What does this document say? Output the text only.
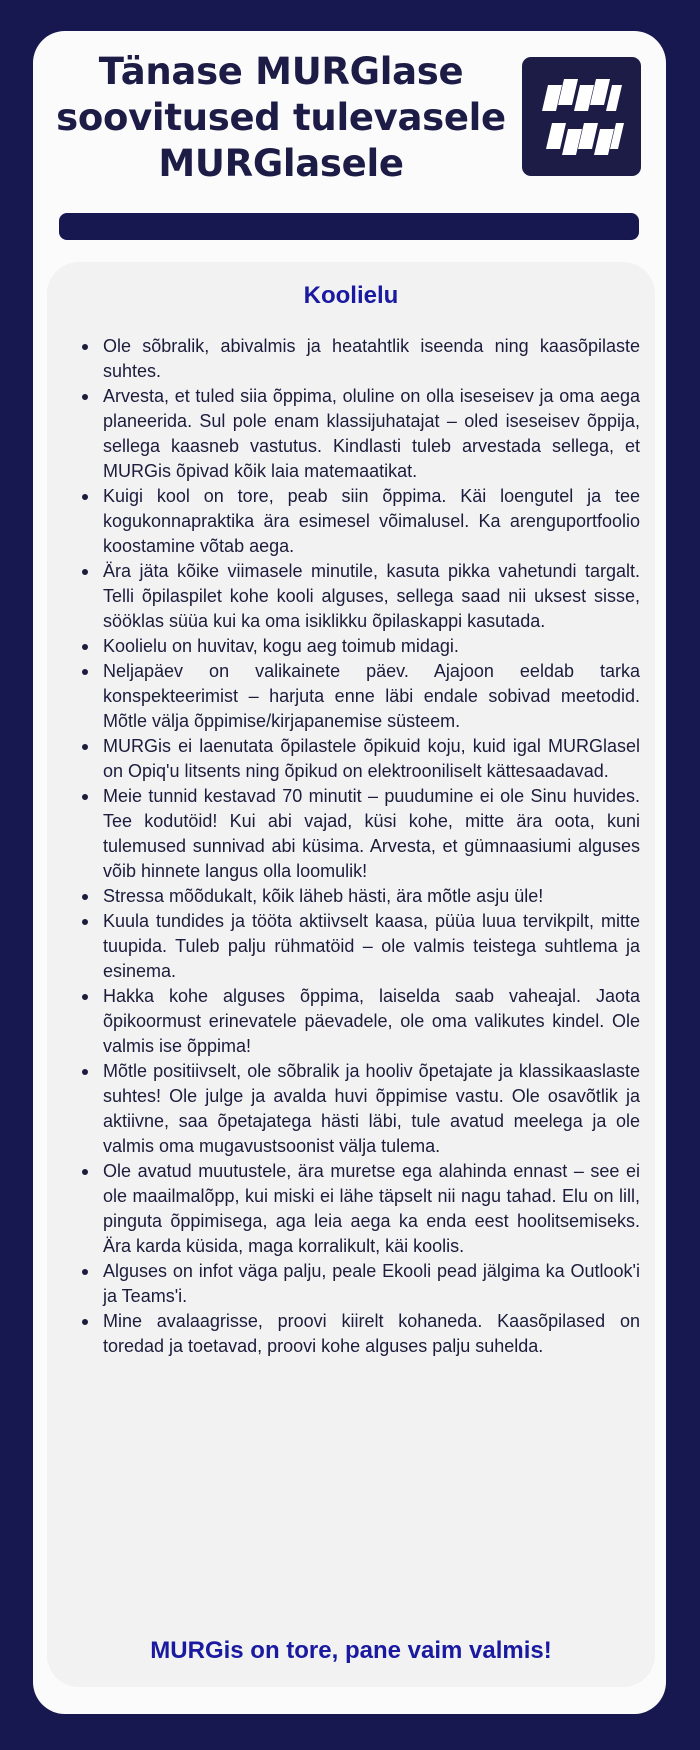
Tänase MURGlase soovitused tulevasele MURGlasele
Koolielu
Ole sõbralik, abivalmis ja heatahtlik iseenda ning kaasõpilaste suhtes.
Arvesta, et tuled siia õppima, oluline on olla iseseisev ja oma aega planeerida. Sul pole enam klassijuhatajat – oled iseseisev õppija, sellega kaasneb vastutus. Kindlasti tuleb arvestada sellega, et MURGis õpivad kõik laia matemaatikat.
Kuigi kool on tore, peab siin õppima. Käi loengutel ja tee kogukonnapraktika ära esimesel võimalusel. Ka arenguportfoolio koostamine võtab aega.
Ära jäta kõike viimasele minutile, kasuta pikka vahetundi targalt. Telli õpilaspilet kohe kooli alguses, sellega saad nii uksest sisse, sööklas süüa kui ka oma isiklikku õpilaskappi kasutada.
Koolielu on huvitav, kogu aeg toimub midagi.
Neljapäev on valikainete päev. Ajajoon eeldab tarka konspekteerimist – harjuta enne läbi endale sobivad meetodid. Mõtle välja õppimise/kirjapanemise süsteem.
MURGis ei laenutata õpilastele õpikuid koju, kuid igal MURGlasel on Opiq'u litsents ning õpikud on elektrooniliselt kättesaadavad.
Meie tunnid kestavad 70 minutit – puudumine ei ole Sinu huvides. Tee kodutöid! Kui abi vajad, küsi kohe, mitte ära oota, kuni tulemused sunnivad abi küsima. Arvesta, et gümnaasiumi alguses võib hinnete langus olla loomulik!
Stressa mõõdukalt, kõik läheb hästi, ära mõtle asju üle!
Kuula tundides ja tööta aktiivselt kaasa, püüa luua tervikpilt, mitte tuupida. Tuleb palju rühmatöid – ole valmis teistega suhtlema ja esinema.
Hakka kohe alguses õppima, laiselda saab vaheajal. Jaota õpikoormust erinevatele päevadele, ole oma valikutes kindel. Ole valmis ise õppima!
Mõtle positiivselt, ole sõbralik ja hooliv õpetajate ja klassikaaslaste suhtes! Ole julge ja avalda huvi õppimise vastu. Ole osavõtlik ja aktiivne, saa õpetajatega hästi läbi, tule avatud meelega ja ole valmis oma mugavustsoonist välja tulema.
Ole avatud muutustele, ära muretse ega alahinda ennast – see ei ole maailmalõpp, kui miski ei lähe täpselt nii nagu tahad. Elu on lill, pinguta õppimisega, aga leia aega ka enda eest hoolitsemiseks. Ära karda küsida, maga korralikult, käi koolis.
Alguses on infot väga palju, peale Ekooli pead jälgima ka Outlook'i ja Teams'i.
Mine avalaagrisse, proovi kiirelt kohaneda. Kaasõpilased on toredad ja toetavad, proovi kohe alguses palju suhelda.

MURGis on tore, pane vaim valmis!
